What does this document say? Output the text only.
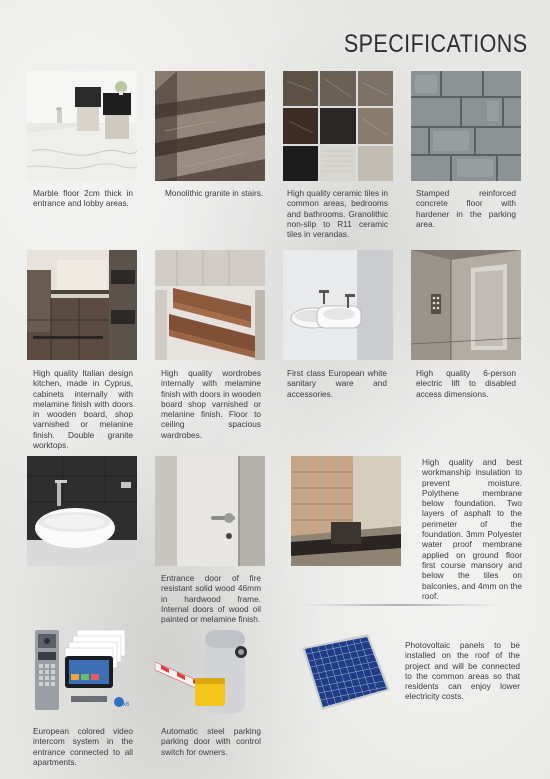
SPECIFICATIONS
Marble floor 2cm thick in entrance and lobby areas.
Monolithic granite in stairs.	High quality ceramic tiles in common areas, bedrooms and bathrooms. Granolithic non-slip to R11 ceramic tiles in verandas.
Stamped reinforced concrete floor with hardener in the parking area.
High quality Italian design kitchen, made in Cyprus, cabinets internally with melamine finish with doors in wooden board, shop varnished or melanine finish. Double granite worktops.
High quality wordrobes internally with melamine finish with doors in wooden board shop varnished or melanine finish. Floor to ceiling spacious wardrobes.
First class European white sanitary ware and accessories.
High quality 6-person electric lift to disabled access dimensions.
Entrance door of fire resistant solid wood 46mm in hardwood frame. Internal doors of wood oil painted or melamine finish.
High quality and best workmanship insulation to prevent moisture. Polythene membrane below foundation. Two layers of asphalt to the perimeter of the foundation. 3mm Polyester water proof membrane applied on ground floor first course mansory and below the tiles on balconies, and 4mm on the roof.
x6
European colored video intercom system in the entrance connected to all apartments.
Automatic steel parking parking door with control switch for owners.
Photovoltaic panels to be installed on the roof of the project and will be connected to the common areas so that residents can enjoy lower electricity costs.
